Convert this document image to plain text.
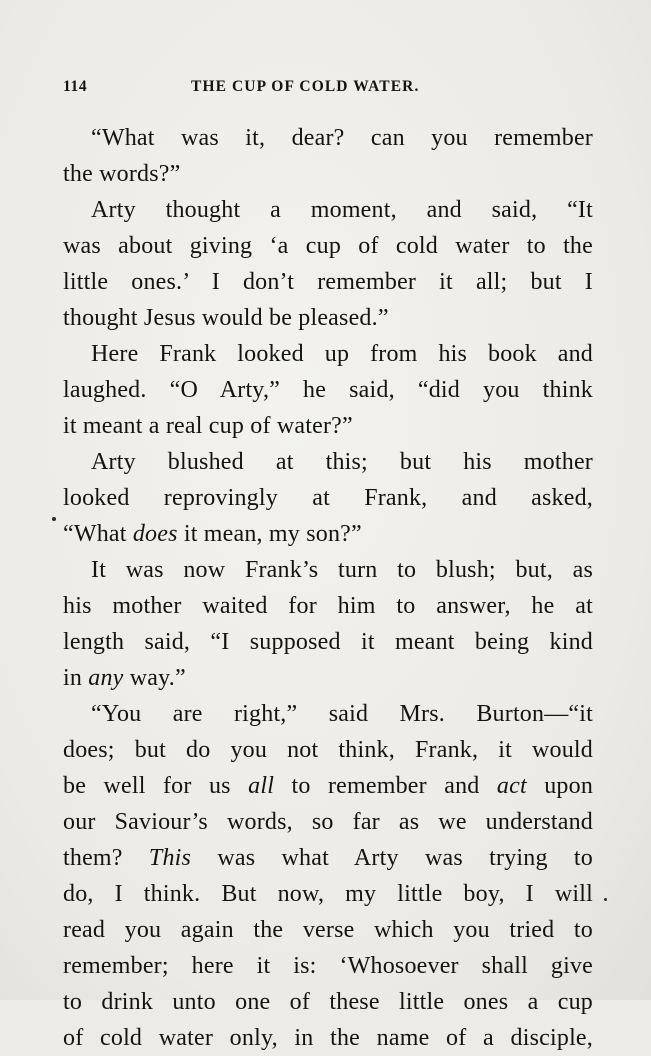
114	THE CUP OF COLD WATER.
“What was it, dear? can you remember
the words?”
Arty thought a moment, and said, “It
was about giving ‘a cup of cold water to the
little ones.’ I don’t remember it all; but I
thought Jesus would be pleased.”
Here Frank looked up from his book and
laughed. “O Arty,” he said, “did you think
it meant a real cup of water?”
Arty blushed at this; but his mother
looked reprovingly at Frank, and asked,
“What does it mean, my son?”
It was now Frank’s turn to blush; but, as
his mother waited for him to answer, he at
length said, “I supposed it meant being kind
in any way.”
“You are right,” said Mrs. Burton—“it
does; but do you not think, Frank, it would
be well for us all to remember and act upon
our Saviour’s words, so far as we understand
them? This was what Arty was trying to
do, I think. But now, my little boy, I will
read you again the verse which you tried to
remember; here it is: ‘Whosoever shall give
to drink unto one of these little ones a cup
of cold water only, in the name of a disciple,
